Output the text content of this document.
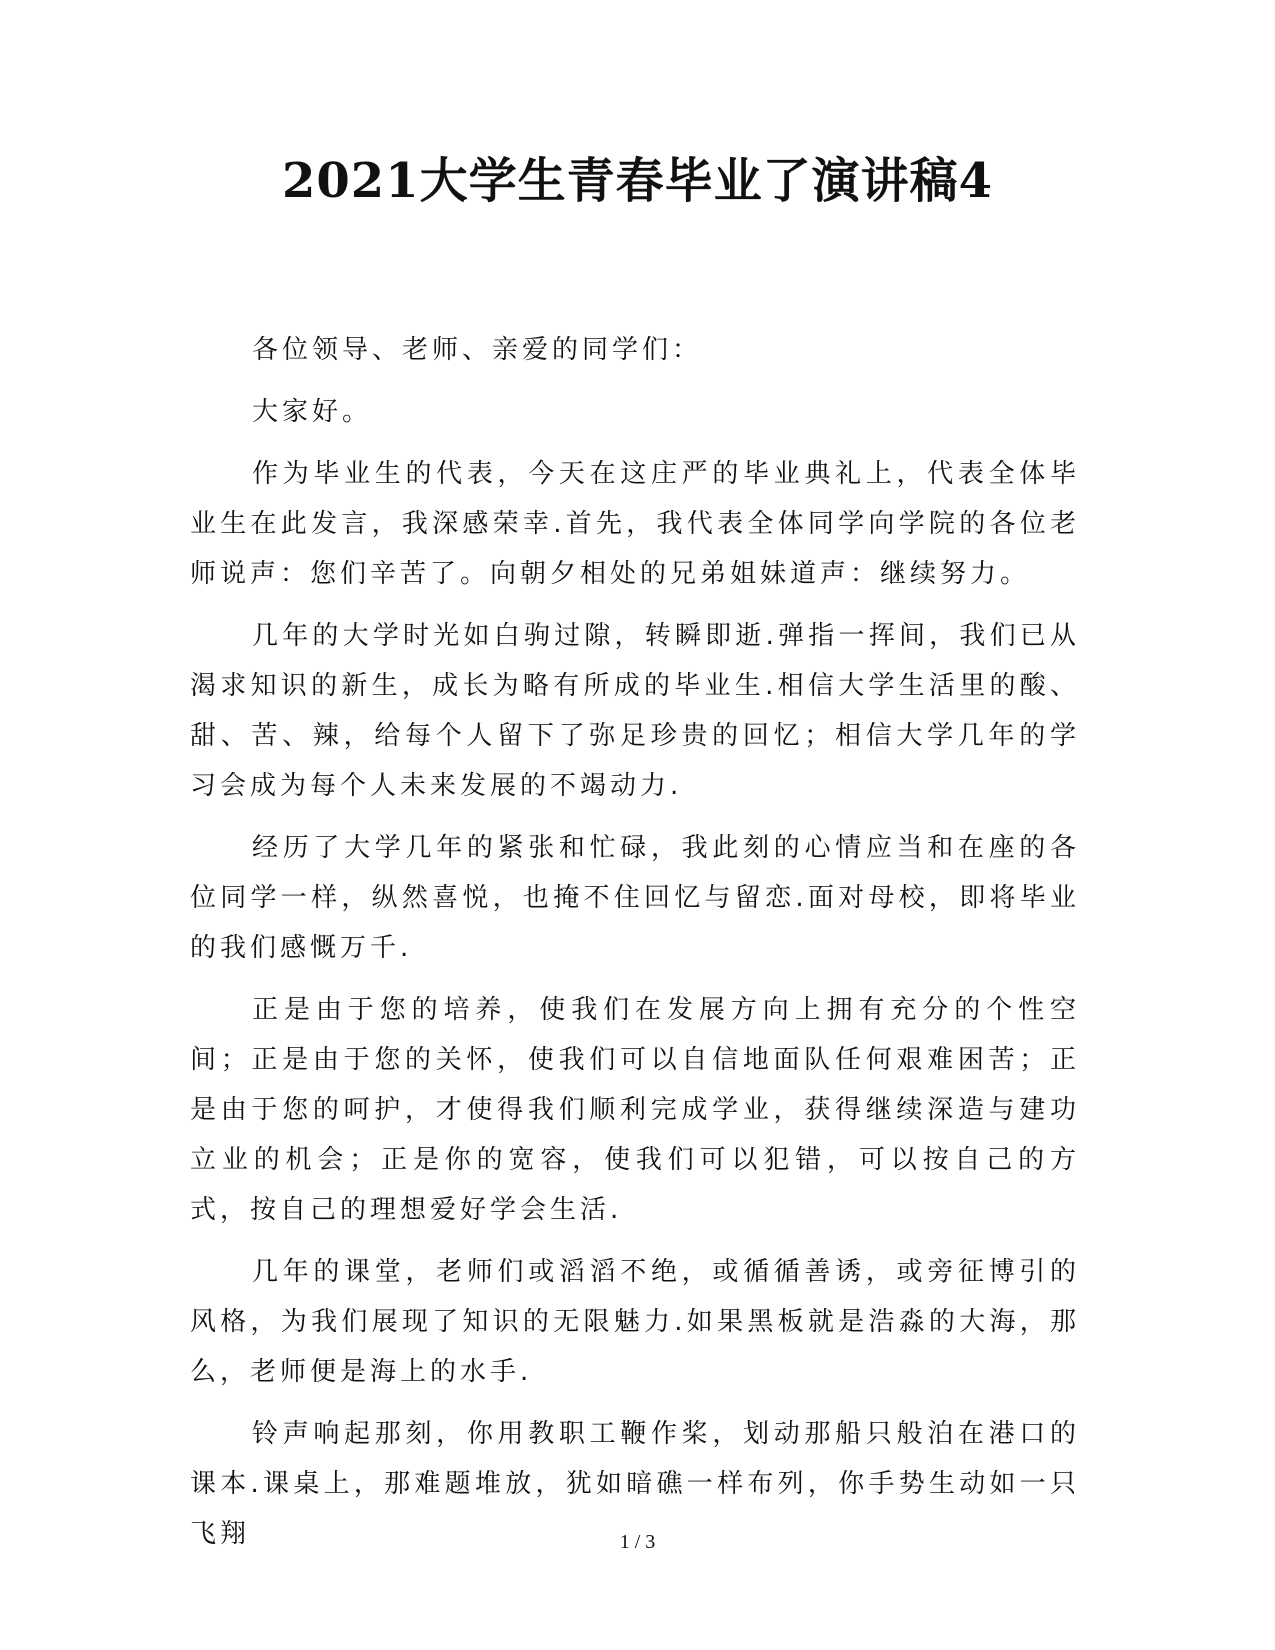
2021大学生青春毕业了演讲稿4

各位领导、老师、亲爱的同学们：

大家好。

作为毕业生的代表，今天在这庄严的毕业典礼上，代表全体毕业生在此发言，我深感荣幸.首先，我代表全体同学向学院的各位老师说声：您们辛苦了。向朝夕相处的兄弟姐妹道声：继续努力。

几年的大学时光如白驹过隙，转瞬即逝.弹指一挥间，我们已从渴求知识的新生，成长为略有所成的毕业生.相信大学生活里的酸、甜、苦、辣，给每个人留下了弥足珍贵的回忆；相信大学几年的学习会成为每个人未来发展的不竭动力.

经历了大学几年的紧张和忙碌，我此刻的心情应当和在座的各位同学一样，纵然喜悦，也掩不住回忆与留恋.面对母校，即将毕业的我们感慨万千.

正是由于您的培养，使我们在发展方向上拥有充分的个性空间；正是由于您的关怀，使我们可以自信地面队任何艰难困苦；正是由于您的呵护，才使得我们顺利完成学业，获得继续深造与建功立业的机会；正是你的宽容，使我们可以犯错，可以按自己的方式，按自己的理想爱好学会生活.

几年的课堂，老师们或滔滔不绝，或循循善诱，或旁征博引的风格，为我们展现了知识的无限魅力.如果黑板就是浩淼的大海，那么，老师便是海上的水手.

铃声响起那刻，你用教职工鞭作桨，划动那船只般泊在港口的课本.课桌上，那难题堆放，犹如暗礁一样布列，你手势生动如一只飞翔	1 / 3
